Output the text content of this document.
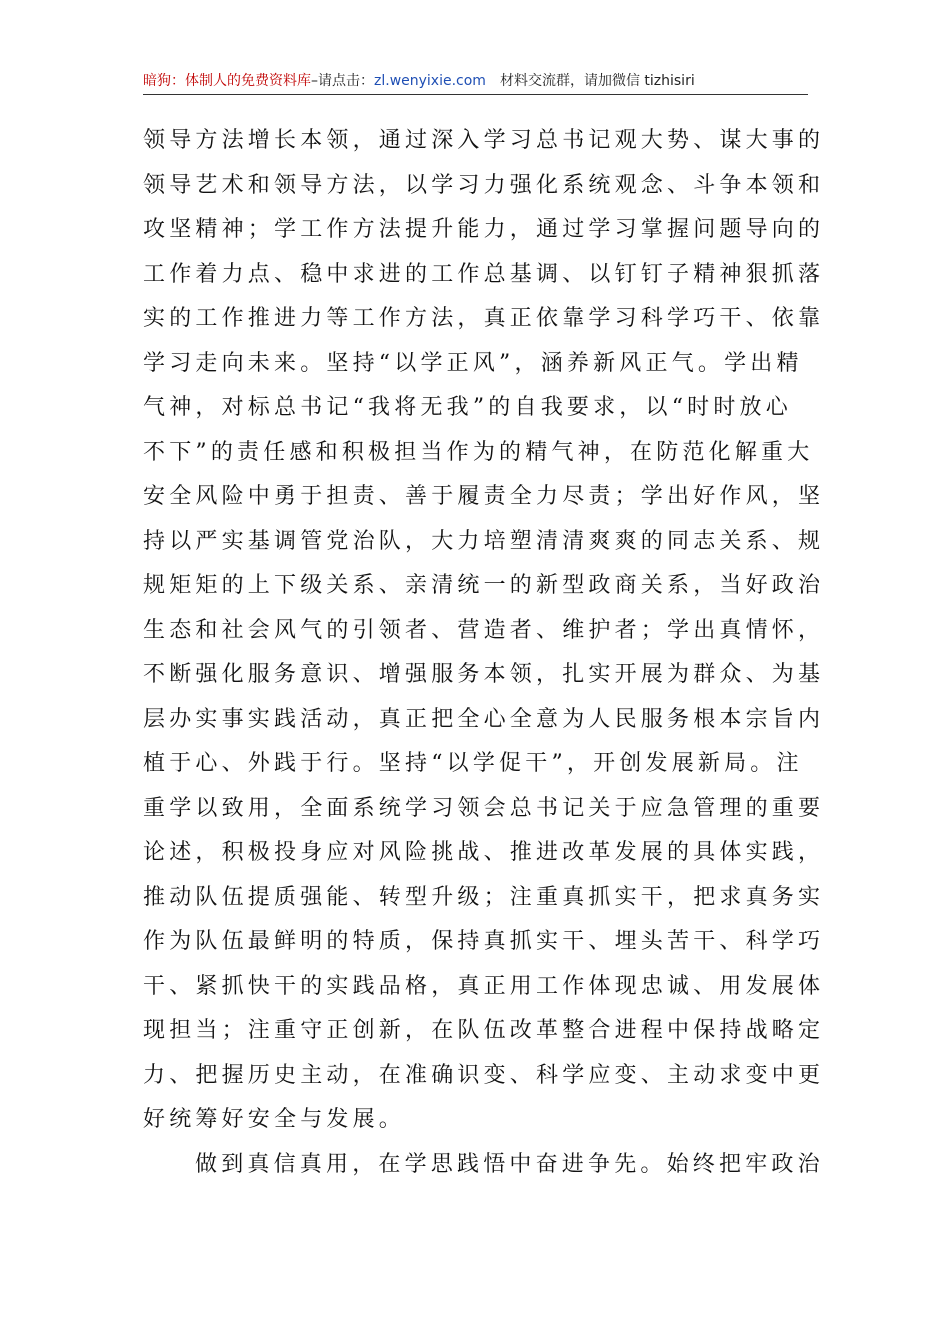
暗狗：体制人的免费资料库–请点击：zl.wenyixie.com 材料交流群，请加微信 tizhisiri
领导方法增长本领，通过深入学习总书记观大势、谋大事的
领导艺术和领导方法，以学习力强化系统观念、斗争本领和
攻坚精神；学工作方法提升能力，通过学习掌握问题导向的
工作着力点、稳中求进的工作总基调、以钉钉子精神狠抓落
实的工作推进力等工作方法，真正依靠学习科学巧干、依靠
学习走向未来。坚持“以学正风”，涵养新风正气。学出精
气神，对标总书记“我将无我”的自我要求，以“时时放心
不下”的责任感和积极担当作为的精气神，在防范化解重大
安全风险中勇于担责、善于履责全力尽责；学出好作风，坚
持以严实基调管党治队，大力培塑清清爽爽的同志关系、规
规矩矩的上下级关系、亲清统一的新型政商关系，当好政治
生态和社会风气的引领者、营造者、维护者；学出真情怀，
不断强化服务意识、增强服务本领，扎实开展为群众、为基
层办实事实践活动，真正把全心全意为人民服务根本宗旨内
植于心、外践于行。坚持“以学促干”，开创发展新局。注
重学以致用，全面系统学习领会总书记关于应急管理的重要
论述，积极投身应对风险挑战、推进改革发展的具体实践，
推动队伍提质强能、转型升级；注重真抓实干，把求真务实
作为队伍最鲜明的特质，保持真抓实干、埋头苦干、科学巧
干、紧抓快干的实践品格，真正用工作体现忠诚、用发展体
现担当；注重守正创新，在队伍改革整合进程中保持战略定
力、把握历史主动，在准确识变、科学应变、主动求变中更
好统筹好安全与发展。
做到真信真用，在学思践悟中奋进争先。始终把牢政治
